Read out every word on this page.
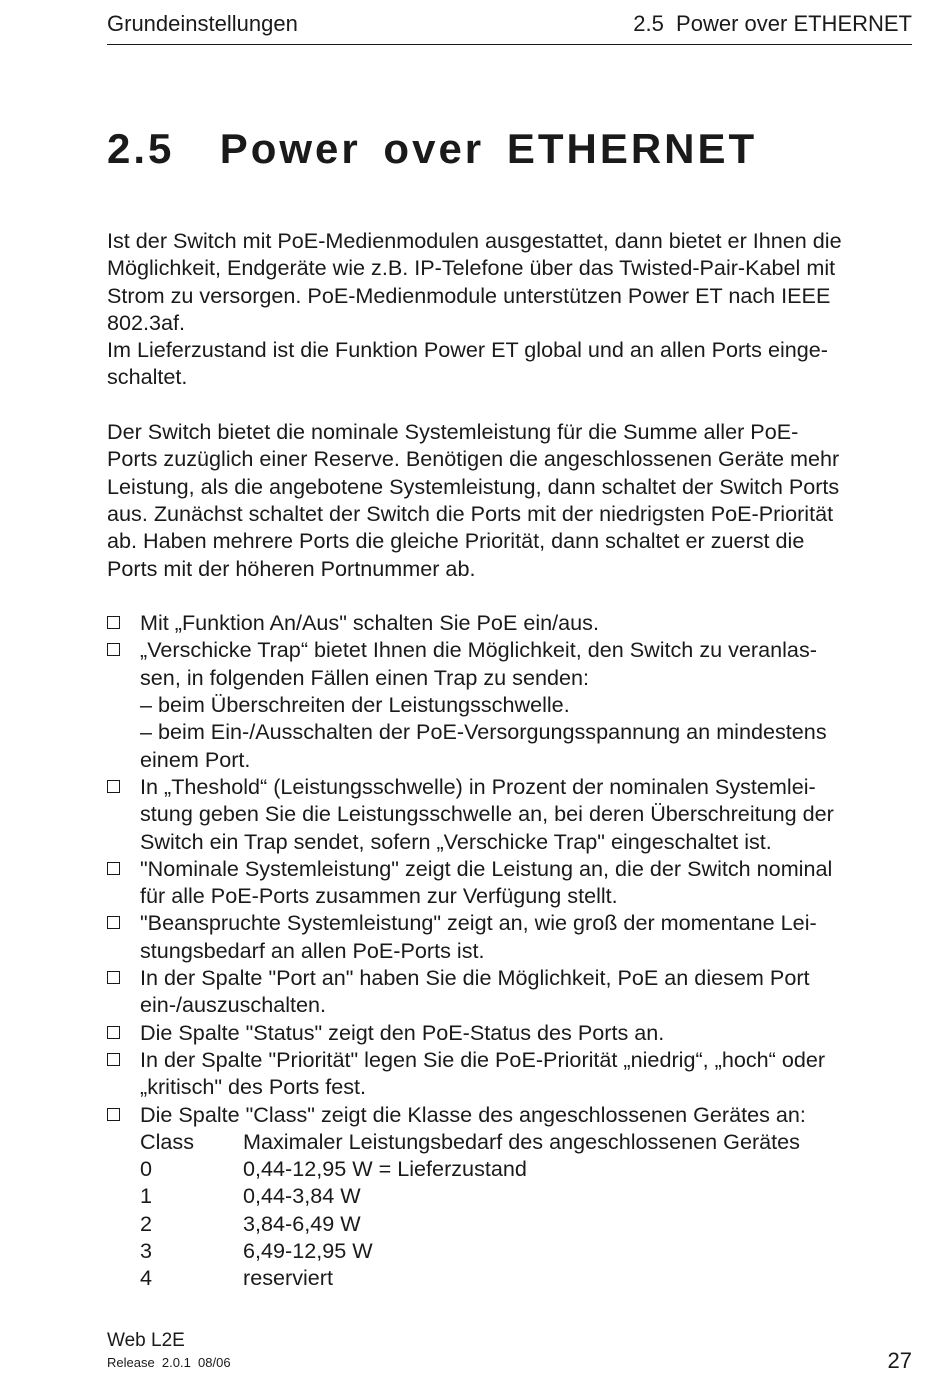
Grundeinstellungen	2.5  Power over ETHERNET
2.5  Power over ETHERNET

Ist der Switch mit PoE-Medienmodulen ausgestattet, dann bietet er Ihnen die
Möglichkeit, Endgeräte wie z.B. IP-Telefone über das Twisted-Pair-Kabel mit
Strom zu versorgen. PoE-Medienmodule unterstützen Power ET nach IEEE
802.3af.
Im Lieferzustand ist die Funktion Power ET global und an allen Ports einge-
schaltet.

Der Switch bietet die nominale Systemleistung für die Summe aller PoE-
Ports zuzüglich einer Reserve. Benötigen die angeschlossenen Geräte mehr
Leistung, als die angebotene Systemleistung, dann schaltet der Switch Ports
aus. Zunächst schaltet der Switch die Ports mit der niedrigsten PoE-Priorität
ab. Haben mehrere Ports die gleiche Priorität, dann schaltet er zuerst die
Ports mit der höheren Portnummer ab.

Mit „Funktion An/Aus" schalten Sie PoE ein/aus.
„Verschicke Trap“ bietet Ihnen die Möglichkeit, den Switch zu veranlas-
sen, in folgenden Fällen einen Trap zu senden:
– beim Überschreiten der Leistungsschwelle.
– beim Ein-/Ausschalten der PoE-Versorgungsspannung an mindestens
einem Port.
In „Theshold“ (Leistungsschwelle) in Prozent der nominalen Systemlei-
stung geben Sie die Leistungsschwelle an, bei deren Überschreitung der
Switch ein Trap sendet, sofern „Verschicke Trap" eingeschaltet ist.
"Nominale Systemleistung" zeigt die Leistung an, die der Switch nominal
für alle PoE-Ports zusammen zur Verfügung stellt.
"Beanspruchte Systemleistung" zeigt an, wie groß der momentane Lei-
stungsbedarf an allen PoE-Ports ist.
In der Spalte "Port an" haben Sie die Möglichkeit, PoE an diesem Port
ein-/auszuschalten.
Die Spalte "Status" zeigt den PoE-Status des Ports an.
In der Spalte "Priorität" legen Sie die PoE-Priorität „niedrig“, „hoch“ oder
„kritisch" des Ports fest.
Die Spalte "Class" zeigt die Klasse des angeschlossenen Gerätes an:
Class	Maximaler Leistungsbedarf des angeschlossenen Gerätes
0	0,44-12,95 W = Lieferzustand
1	0,44-3,84 W
2	3,84-6,49 W
3	6,49-12,95 W
4	reserviert
Web L2E
Release  2.0.1  08/06	27
